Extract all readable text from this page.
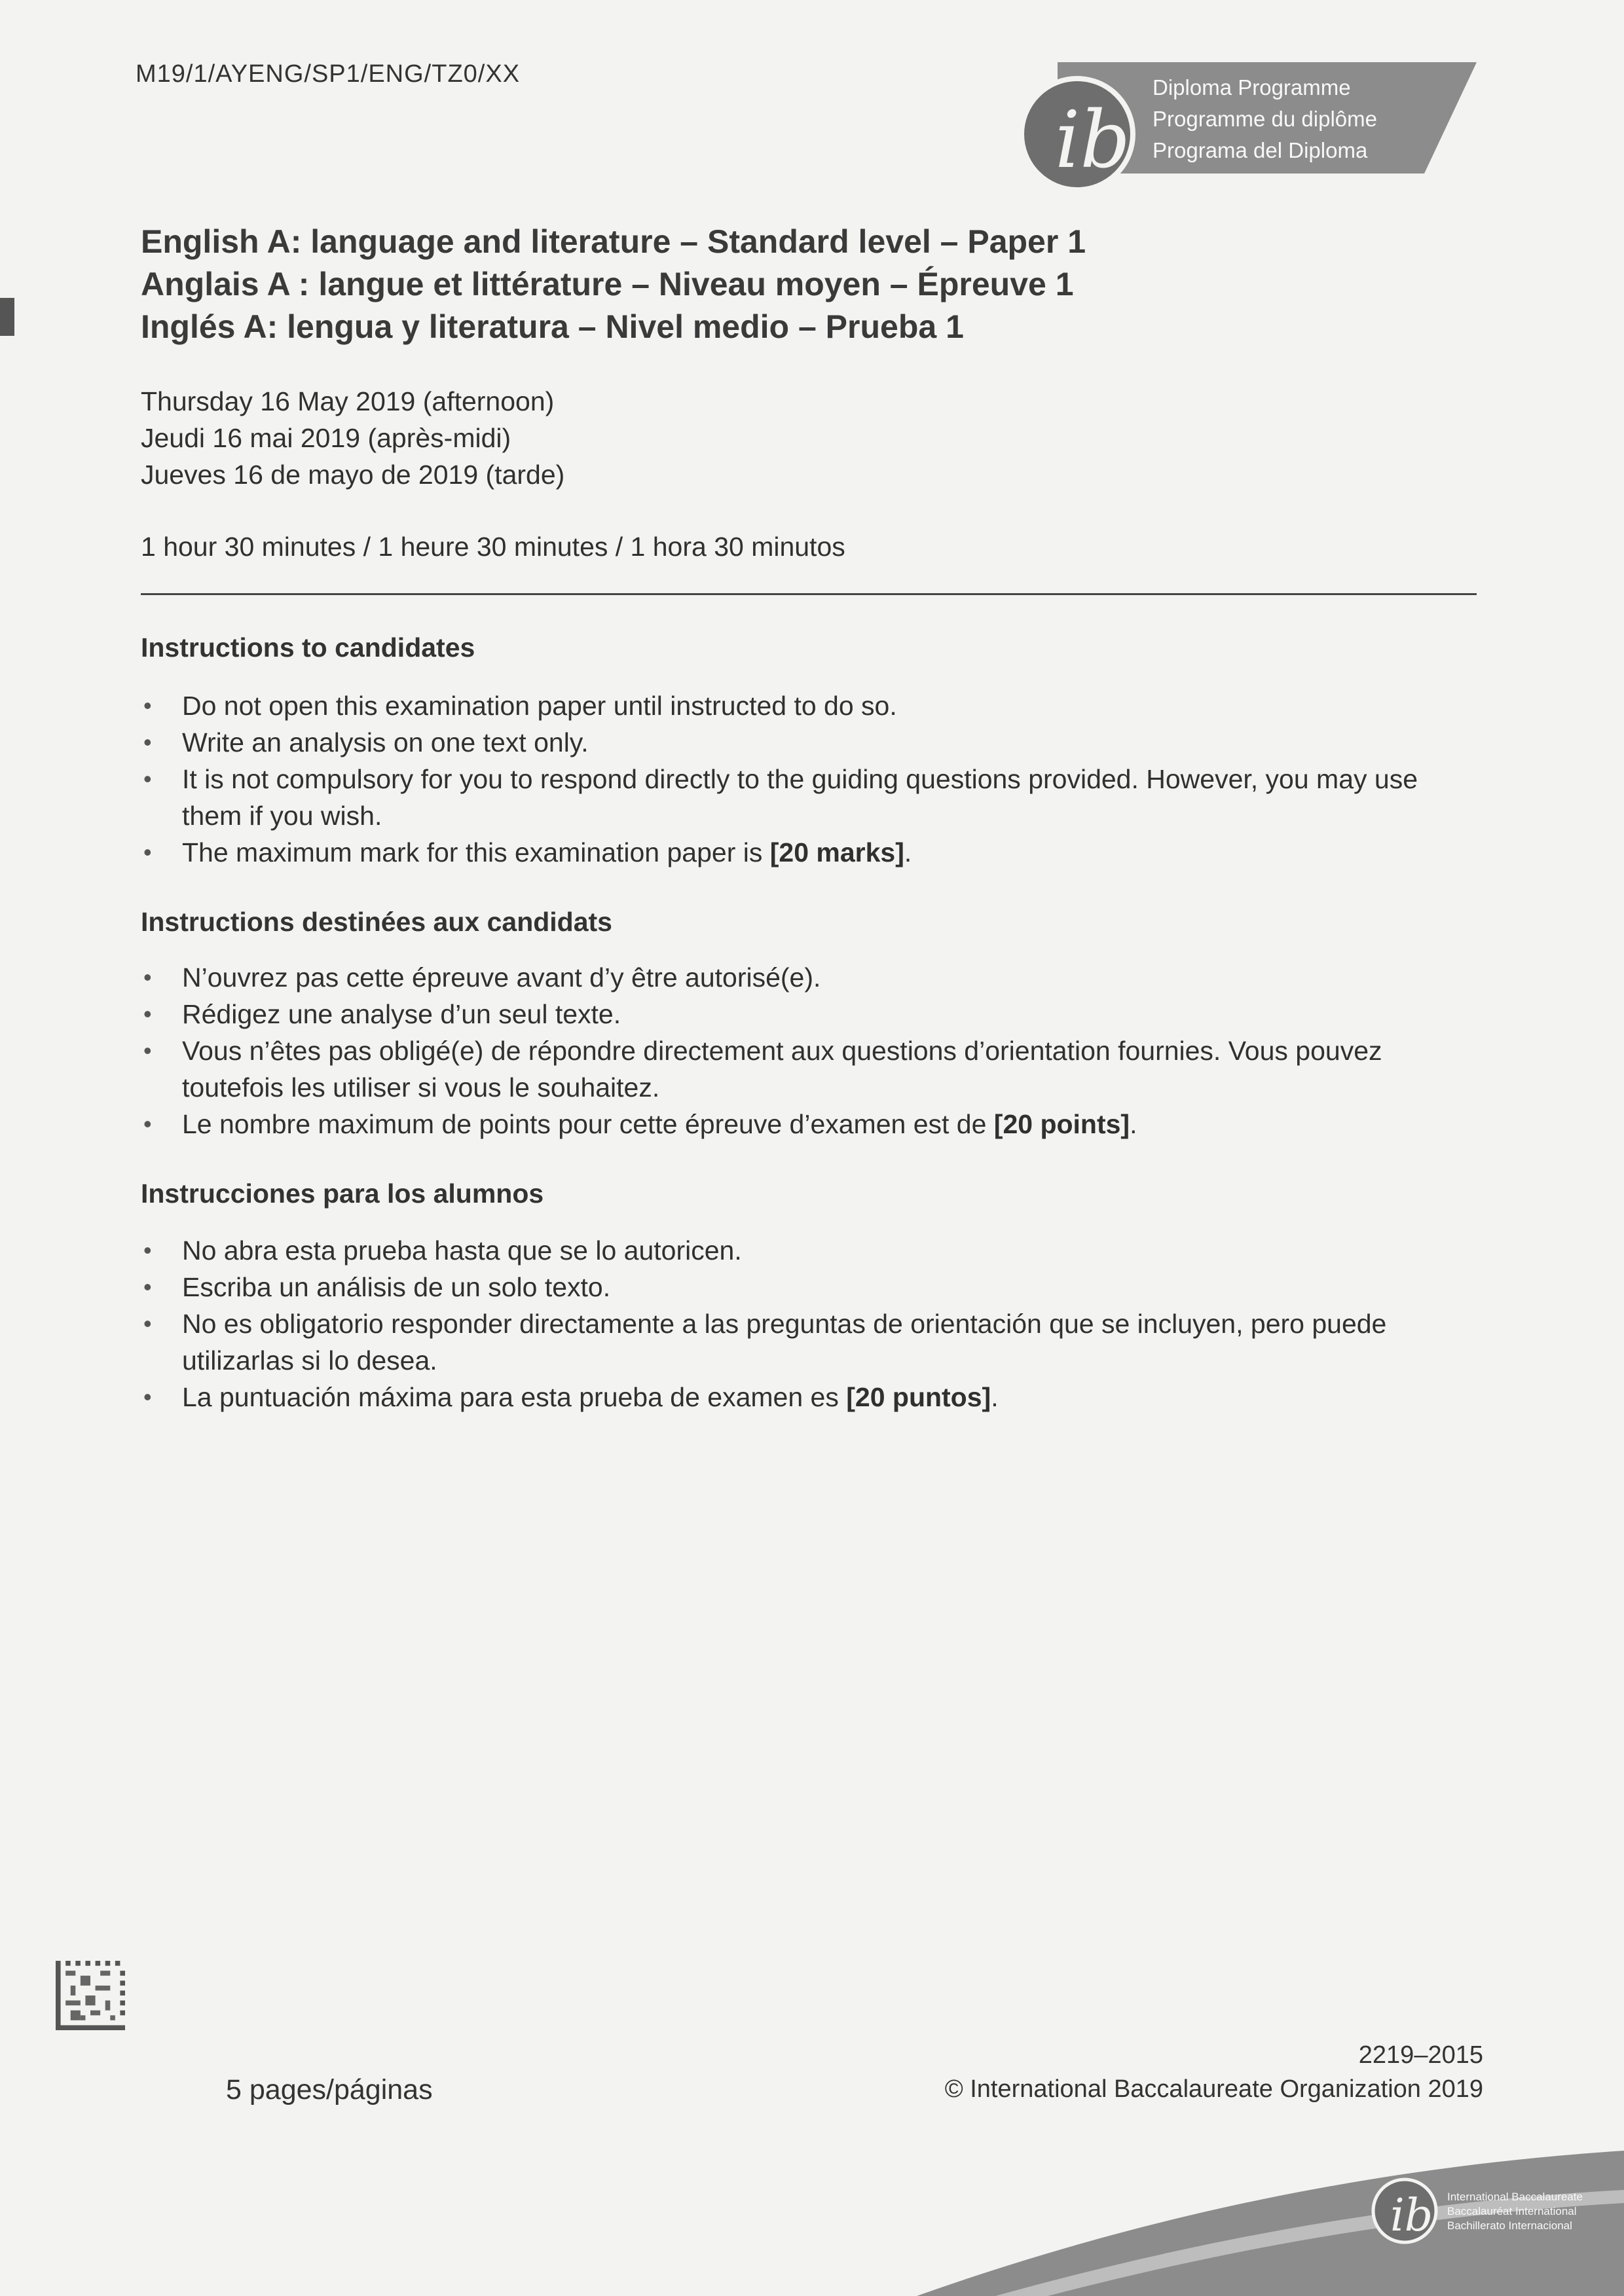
M19/1/AYENG/SP1/ENG/TZ0/XX
ib
Diploma Programme
Programme du diplôme
Programa del Diploma
English A: language and literature – Standard level – Paper 1
Anglais A : langue et littérature – Niveau moyen – Épreuve 1
Inglés A: lengua y literatura – Nivel medio – Prueba 1
Thursday 16 May 2019 (afternoon)
Jeudi 16 mai 2019 (après-midi)
Jueves 16 de mayo de 2019 (tarde)
1 hour 30 minutes / 1 heure 30 minutes / 1 hora 30 minutos
Instructions to candidates
• Do not open this examination paper until instructed to do so.
• Write an analysis on one text only.
• It is not compulsory for you to respond directly to the guiding questions provided. However, you may use them if you wish.
• The maximum mark for this examination paper is [20 marks].
Instructions destinées aux candidats
• N’ouvrez pas cette épreuve avant d’y être autorisé(e).
• Rédigez une analyse d’un seul texte.
• Vous n’êtes pas obligé(e) de répondre directement aux questions d’orientation fournies. Vous pouvez toutefois les utiliser si vous le souhaitez.
• Le nombre maximum de points pour cette épreuve d’examen est de [20 points].
Instrucciones para los alumnos
• No abra esta prueba hasta que se lo autoricen.
• Escriba un análisis de un solo texto.
• No es obligatorio responder directamente a las preguntas de orientación que se incluyen, pero puede utilizarlas si lo desea.
• La puntuación máxima para esta prueba de examen es [20 puntos].
5 pages/páginas
2219–2015
© International Baccalaureate Organization 2019
ib International Baccalaureate
Baccalauréat International
Bachillerato Internacional
